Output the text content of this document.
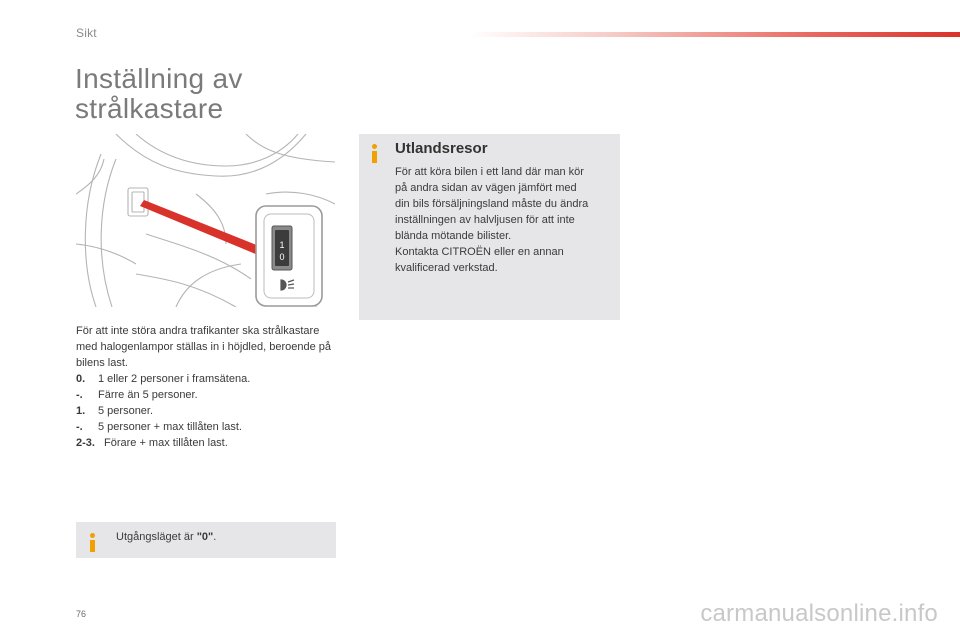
Sikt
Inställning av
strålkastare
1
0

För att inte störa andra trafikanter ska strålkastare med halogenlampor ställas in i höjdled, beroende på bilens last.

0.	1 eller 2 personer i framsätena.
-.	Färre än 5 personer.
1.	5 personer.
-.	5 personer + max tillåten last.
2-3. Förare + max tillåten last.
Utgångsläget är "0".
Utlandsresor

För att köra bilen i ett land där man kör
på andra sidan av vägen jämfört med
din bils försäljningsland måste du ändra
inställningen av halvljusen för att inte
blända mötande bilister.
Kontakta CITROËN eller en annan
kvalificerad verkstad.

76	carmanualsonline.info
